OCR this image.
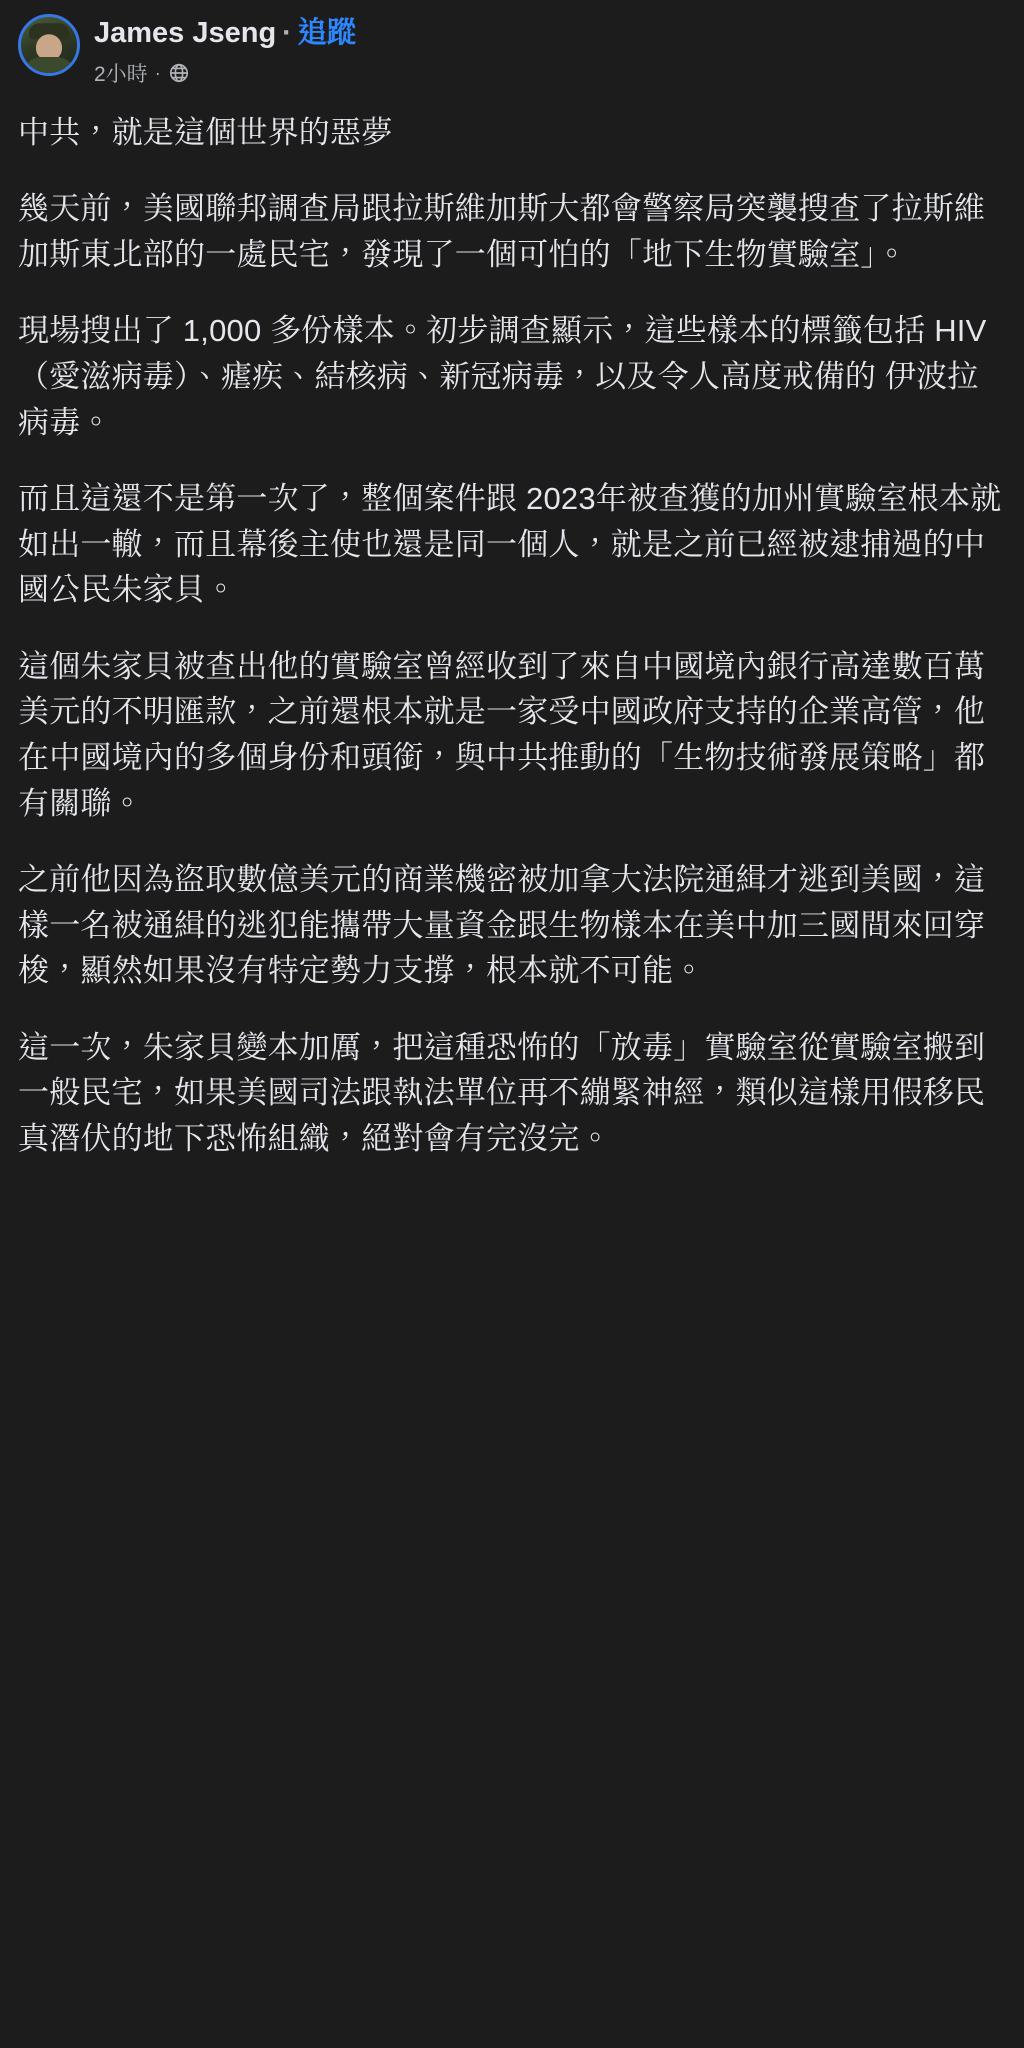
James Jseng · 追蹤
2小時 ·

中共，就是這個世界的惡夢

幾天前，美國聯邦調查局跟拉斯維加斯大都會警察局突襲搜查了拉斯維加斯東北部的一處民宅，發現了一個可怕的「地下生物實驗室」。

現場搜出了 1,000 多份樣本。初步調查顯示，這些樣本的標籤包括 HIV（愛滋病毒）、瘧疾、結核病、新冠病毒，以及令人高度戒備的 伊波拉病毒。

而且這還不是第一次了，整個案件跟 2023年被查獲的加州實驗室根本就如出一轍，而且幕後主使也還是同一個人，就是之前已經被逮捕過的中國公民朱家貝。

這個朱家貝被查出他的實驗室曾經收到了來自中國境內銀行高達數百萬美元的不明匯款，之前還根本就是一家受中國政府支持的企業高管，他在中國境內的多個身份和頭銜，與中共推動的「生物技術發展策略」都有關聯。

之前他因為盜取數億美元的商業機密被加拿大法院通緝才逃到美國，這樣一名被通緝的逃犯能攜帶大量資金跟生物樣本在美中加三國間來回穿梭，顯然如果沒有特定勢力支撐，根本就不可能。

這一次，朱家貝變本加厲，把這種恐怖的「放毒」實驗室從實驗室搬到一般民宅，如果美國司法跟執法單位再不繃緊神經，類似這樣用假移民真潛伏的地下恐怖組織，絕對會有完沒完。
